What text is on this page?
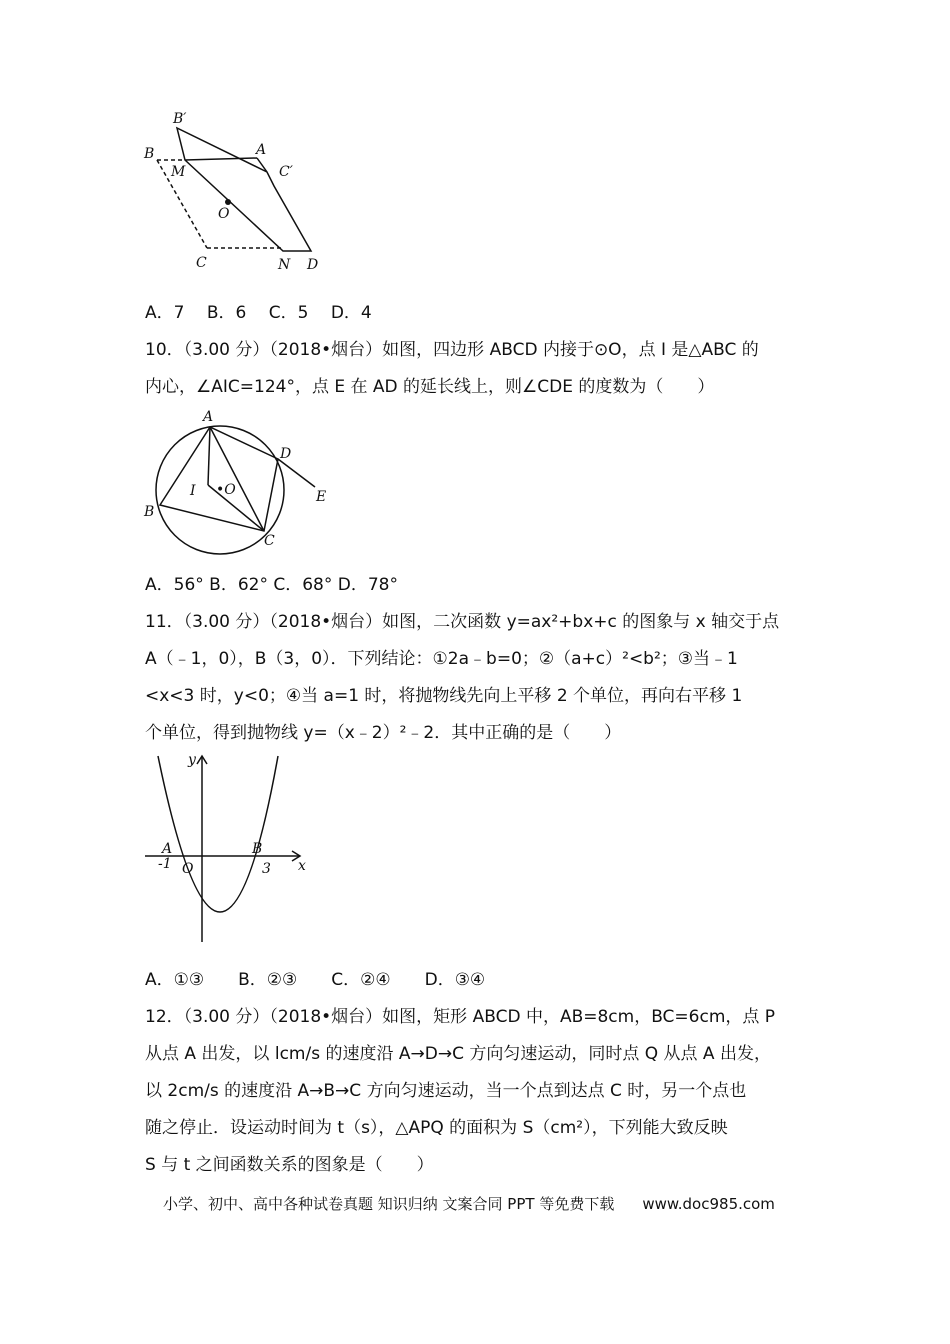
B′
B	A
C′
M
O
C	N D
A．7　 B．6　 C．5　 D．4
10．（3.00 分）（2018•烟台）如图，四边形 ABCD 内接于⊙O，点 I 是△ABC 的
内心，∠AIC=124°，点 E 在 AD 的延长线上，则∠CDE 的度数为（　　）
A
D
E
I •O
B
C
A．56° B．62° C．68° D．78°
11．（3.00 分）（2018•烟台）如图，二次函数 y=ax²+bx+c 的图象与 x 轴交于点
A（﹣1，0），B（3，0）．下列结论：①2a﹣b=0；②（a+c）²<b²；③当﹣1
<x<3 时，y<0；④当 a=1 时，将抛物线先向上平移 2 个单位，再向右平移 1
个单位，得到抛物线 y=（x﹣2）²﹣2．其中正确的是（　　）
y
x
A	B
-1 O	3
A．①③　　B．②③　　C．②④　　D．③④
12．（3.00 分）（2018•烟台）如图，矩形 ABCD 中，AB=8cm，BC=6cm，点 P
从点 A 出发，以 lcm/s 的速度沿 A→D→C 方向匀速运动，同时点 Q 从点 A 出发，
以 2cm/s 的速度沿 A→B→C 方向匀速运动，当一个点到达点 C 时，另一个点也
随之停止．设运动时间为 t（s），△APQ 的面积为 S（cm²），下列能大致反映
S 与 t 之间函数关系的图象是（　　）
小学、初中、高中各种试卷真题 知识归纳 文案合同 PPT 等免费下载 www.doc985.com
